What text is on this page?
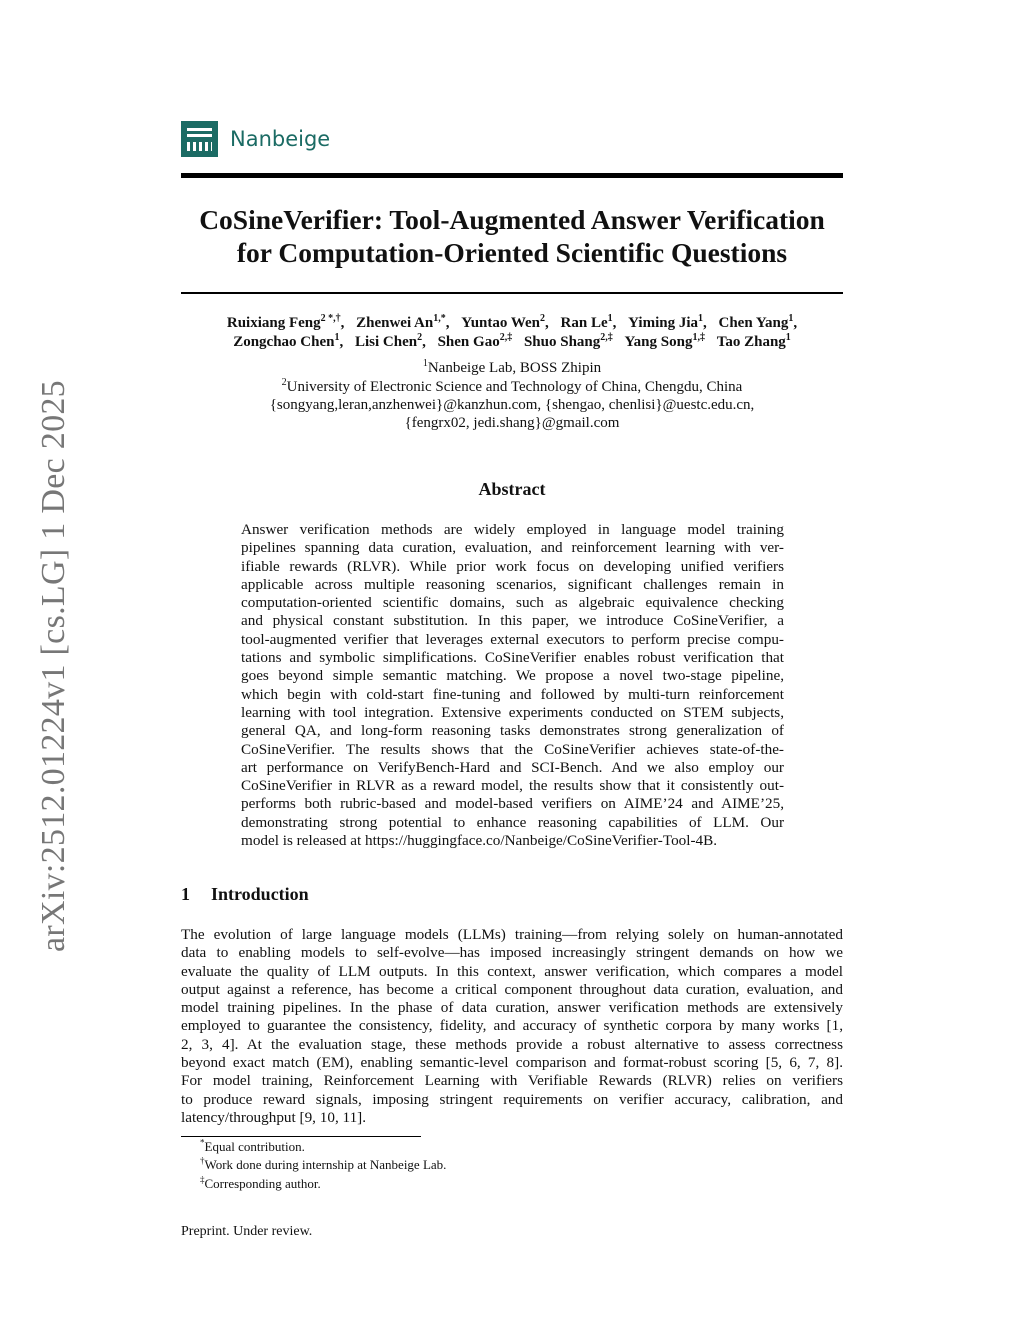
arXiv:2512.01224v1 [cs.LG] 1 Dec 2025
Nanbeige
CoSineVerifier: Tool-Augmented Answer Verification
for Computation-Oriented Scientific Questions
Ruixiang Feng$^{2 *,\dagger}$, Zhenwei $An^{1,*}$, Yuntao Wen$^2$, Ran Le$^1$, Yiming Jia$^1$, Chen Yang$^1$,
Zongchao Chen$^1$, Lisi Chen$^2$, Shen Gao$^{2,\ddagger}$ Shuo Shang$^{2,\ddagger}$ Yang Song$^{1,\ddagger}$ Tao Zhang$^1$
$^1$Nanbeige Lab, BOSS Zhipin
$^2$University of Electronic Science and Technology of China, Chengdu, China
{songyang,leran,anzhenwei}@kanzhun.com, {shengao, chenlisi}@uestc.edu.cn,
{fengrx02, jedi.shang}@gmail.com
Abstract
Answer verification methods are widely employed in language model training
pipelines spanning data curation, evaluation, and reinforcement learning with ver-
ifiable rewards (RLVR). While prior work focus on developing unified verifiers
applicable across multiple reasoning scenarios, significant challenges remain in
computation-oriented scientific domains, such as algebraic equivalence checking
and physical constant substitution. In this paper, we introduce CoSineVerifier, a
tool-augmented verifier that leverages external executors to perform precise compu-
tations and symbolic simplifications. CoSineVerifier enables robust verification that
goes beyond simple semantic matching. We propose a novel two-stage pipeline,
which begin with cold-start fine-tuning and followed by multi-turn reinforcement
learning with tool integration. Extensive experiments conducted on STEM subjects,
general QA, and long-form reasoning tasks demonstrates strong generalization of
CoSineVerifier. The results shows that the CoSineVerifier achieves state-of-the-
art performance on VerifyBench-Hard and SCI-Bench. And we also employ our
CoSineVerifier in RLVR as a reward model, the results show that it consistently out-
performs both rubric-based and model-based verifiers on AIME’24 and AIME’25,
demonstrating strong potential to enhance reasoning capabilities of LLM. Our
model is released at https://huggingface.co/Nanbeige/CoSineVerifier-Tool-4B.
1 Introduction
The evolution of large language models (LLMs) training—from relying solely on human-annotated
data to enabling models to self-evolve—has imposed increasingly stringent demands on how we
evaluate the quality of LLM outputs. In this context, answer verification, which compares a model
output against a reference, has become a critical component throughout data curation, evaluation, and
model training pipelines. In the phase of data curation, answer verification methods are extensively
employed to guarantee the consistency, fidelity, and accuracy of synthetic corpora by many works [1,
2, 3, 4]. At the evaluation stage, these methods provide a robust alternative to assess correctness
beyond exact match (EM), enabling semantic-level comparison and format-robust scoring [5, 6, 7, 8].
For model training, Reinforcement Learning with Verifiable Rewards (RLVR) relies on verifiers
to produce reward signals, imposing stringent requirements on verifier accuracy, calibration, and
latency/throughput [9, 10, 11].
*Equal contribution.
†Work done during internship at Nanbeige Lab.
‡Corresponding author.
Preprint. Under review.
